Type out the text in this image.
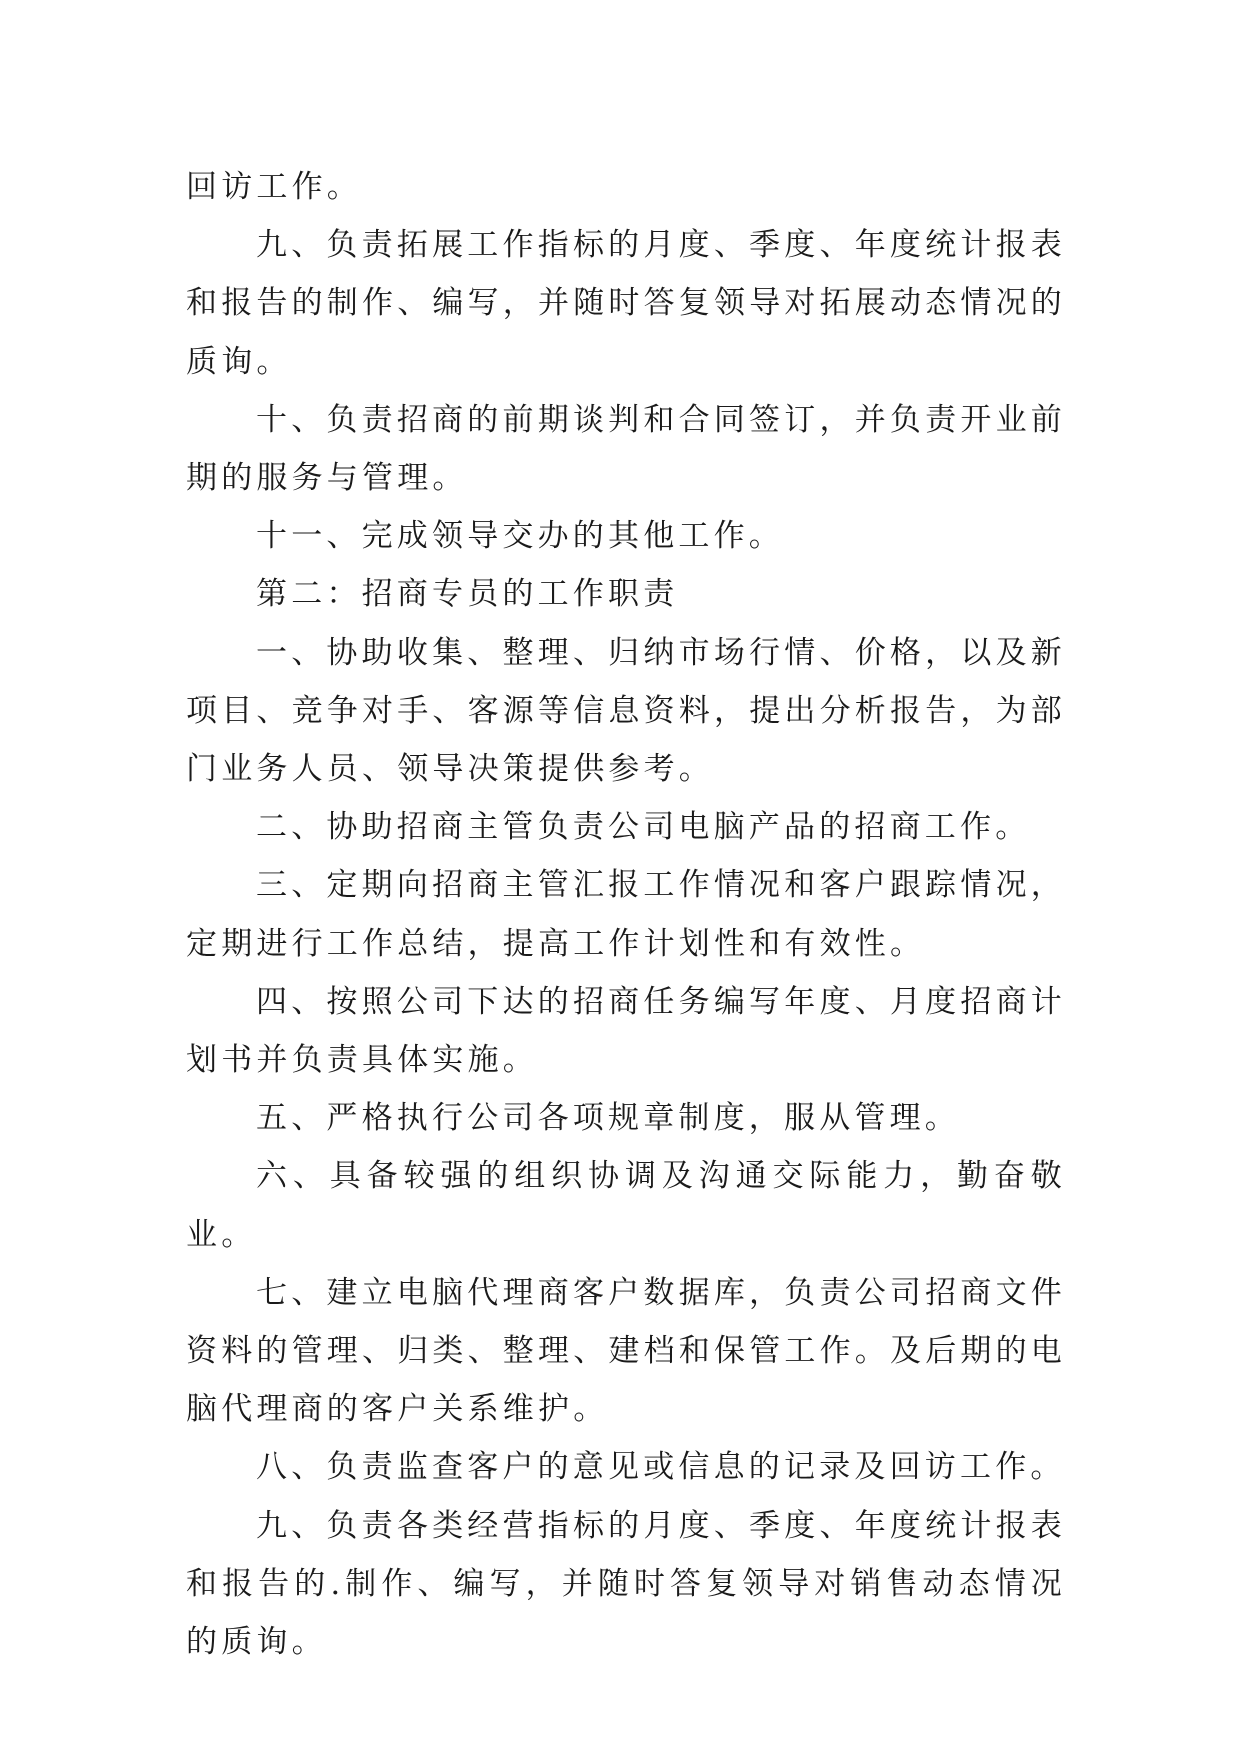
回访工作。

九、负责拓展工作指标的月度、季度、年度统计报表和报告的制作、编写，并随时答复领导对拓展动态情况的质询。

十、负责招商的前期谈判和合同签订，并负责开业前期的服务与管理。

十一、完成领导交办的其他工作。

第二：招商专员的工作职责

一、协助收集、整理、归纳市场行情、价格，以及新项目、竞争对手、客源等信息资料，提出分析报告，为部门业务人员、领导决策提供参考。

二、协助招商主管负责公司电脑产品的招商工作。

三、定期向招商主管汇报工作情况和客户跟踪情况，定期进行工作总结，提高工作计划性和有效性。

四、按照公司下达的招商任务编写年度、月度招商计划书并负责具体实施。

五、严格执行公司各项规章制度，服从管理。

六、具备较强的组织协调及沟通交际能力，勤奋敬业。

七、建立电脑代理商客户数据库，负责公司招商文件资料的管理、归类、整理、建档和保管工作。及后期的电脑代理商的客户关系维护。

八、负责监查客户的意见或信息的记录及回访工作。

九、负责各类经营指标的月度、季度、年度统计报表和报告的.制作、编写，并随时答复领导对销售动态情况的质询。
